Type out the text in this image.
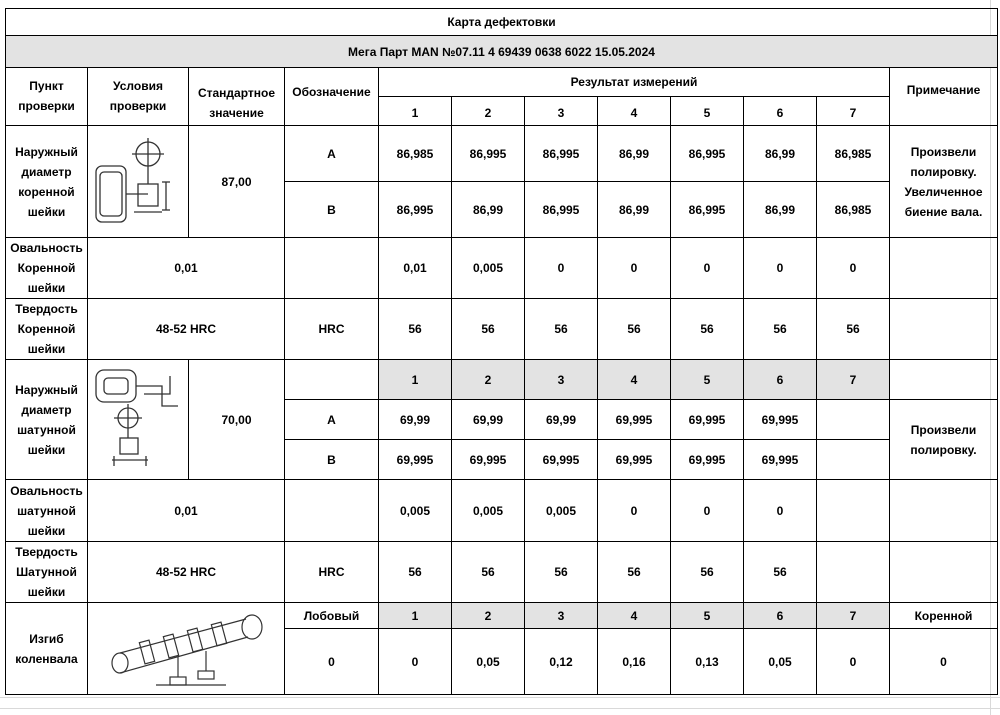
Карта дефектовки											
Мега Парт MAN №07.11 4 69439 0638 6022 15.05.2024											
Пункт проверки	Условия проверки	Стандартное значение	Обозначение	Результат измерений							Примечание
				1	2	3	4	5	6	7	
Наружный диаметр коренной шейки		87,00	A	86,985	86,995	86,995	86,99	86,995	86,99	86,985	Произвели
полировку.
Увеличенное
биение вала.

			B	86,995	86,99	86,995	86,99	86,995	86,99	86,985	
Овальность Коренной шейки	0,01			0,01	0,005	0	0	0	0	0	
Твердость Коренной шейки	48-52 HRC		HRC	56	56	56	56	56	56	56	
Наружный диаметр шатунной шейки		70,00		1	2	3	4	5	6	7	
			A	69,99	69,99	69,99	69,995	69,995	69,995		Произвели
полировку.

			B	69,995	69,995	69,995	69,995	69,995	69,995		
Овальность шатунной шейки	0,01			0,005	0,005	0,005	0	0	0		
Твердость Шатунной шейки	48-52 HRC		HRC	56	56	56	56	56	56		
Изгиб коленвала			Лобовый	1	2	3	4	5	6	7	Коренной
			0	0	0,05	0,12	0,16	0,13	0,05	0	0
